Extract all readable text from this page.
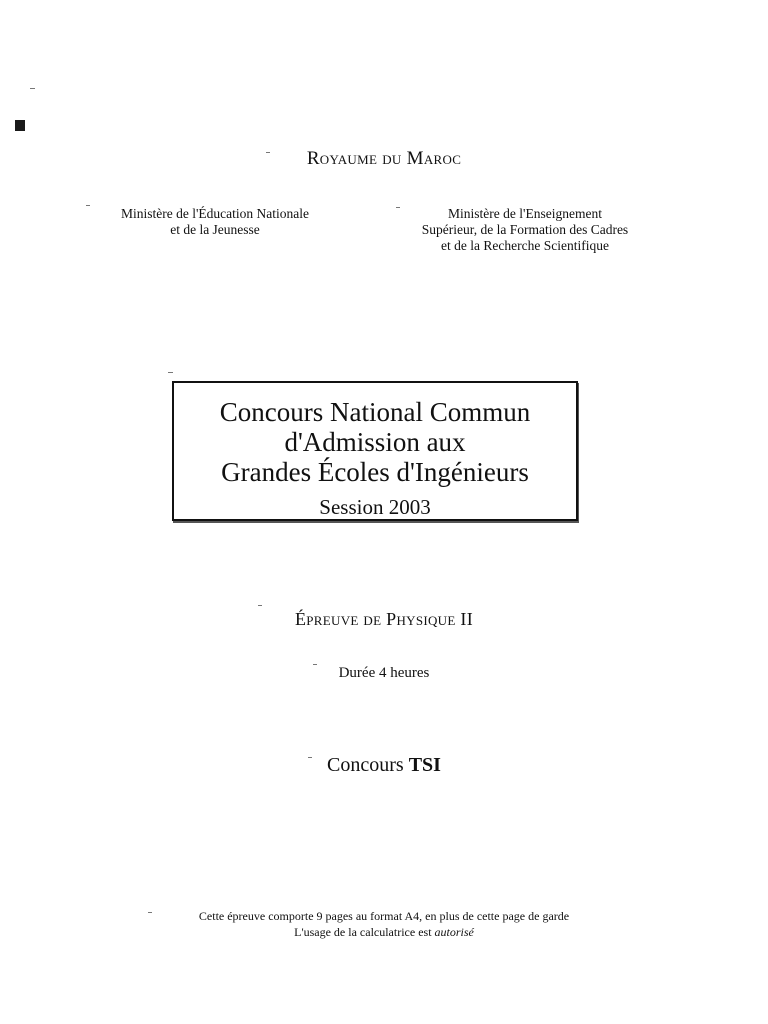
Royaume du Maroc
Ministère de l'Éducation Nationale
et de la Jeunesse
Ministère de l'Enseignement
Supérieur, de la Formation des Cadres
et de la Recherche Scientifique
Concours National Commun
d'Admission aux
Grandes Écoles d'Ingénieurs
Session 2003
Épreuve de Physique II
Durée 4 heures
Concours TSI
Cette épreuve comporte 9 pages au format A4, en plus de cette page de garde
L'usage de la calculatrice est autorisé
